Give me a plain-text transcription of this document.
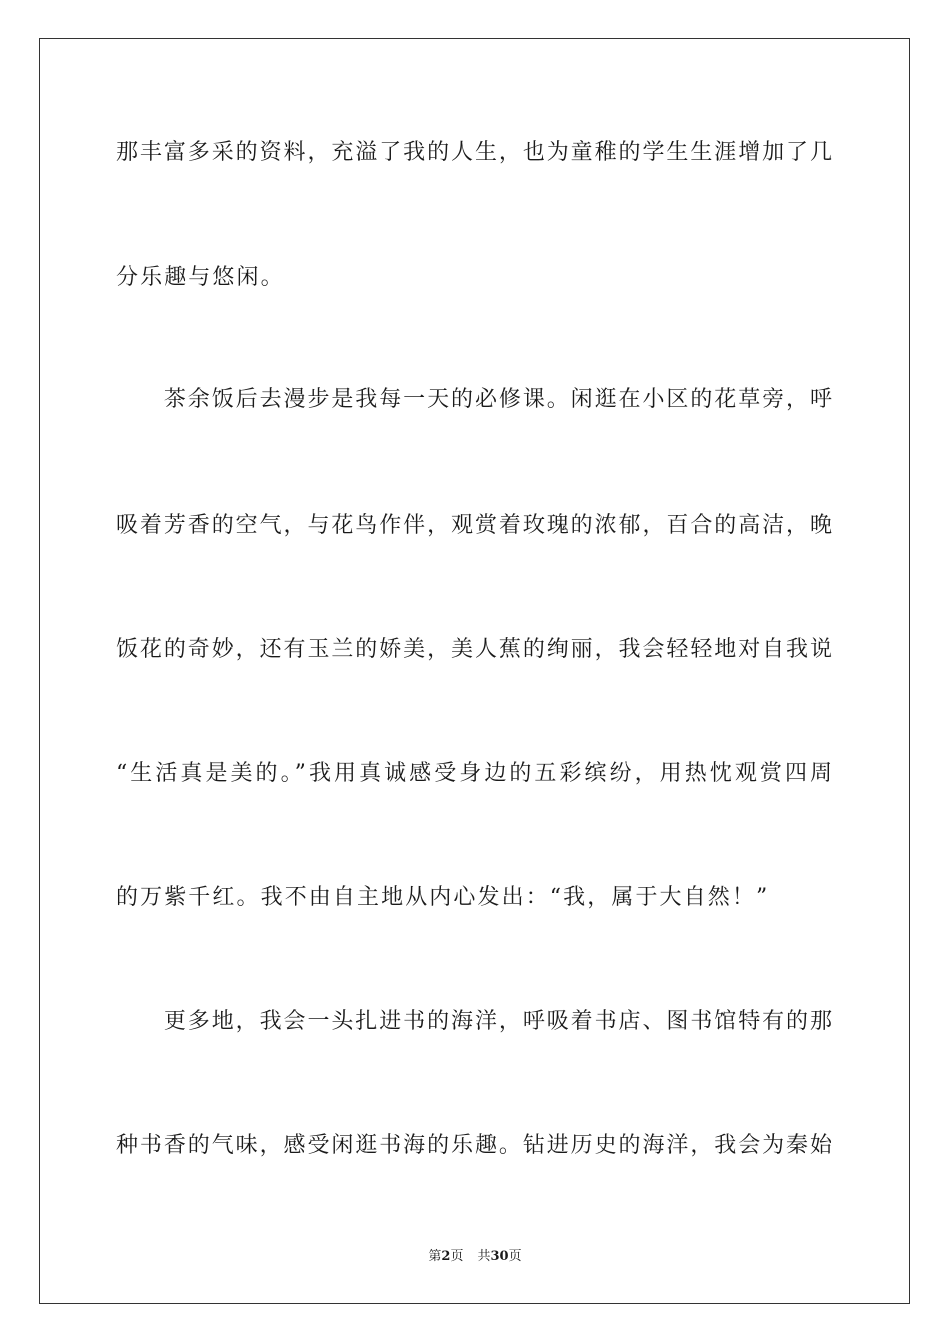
那丰富多采的资料，充溢了我的人生，也为童稚的学生生涯增加了几
分乐趣与悠闲。
　　茶余饭后去漫步是我每一天的必修课。闲逛在小区的花草旁，呼
吸着芳香的空气，与花鸟作伴，观赏着玫瑰的浓郁，百合的高洁，晚
饭花的奇妙，还有玉兰的娇美，美人蕉的绚丽，我会轻轻地对自我说
“生活真是美的。”我用真诚感受身边的五彩缤纷，用热忱观赏四周
的万紫千红。我不由自主地从内心发出：“我，属于大自然！”
　　更多地，我会一头扎进书的海洋，呼吸着书店、图书馆特有的那
种书香的气味，感受闲逛书海的乐趣。钻进历史的海洋，我会为秦始
第2页 共30页
